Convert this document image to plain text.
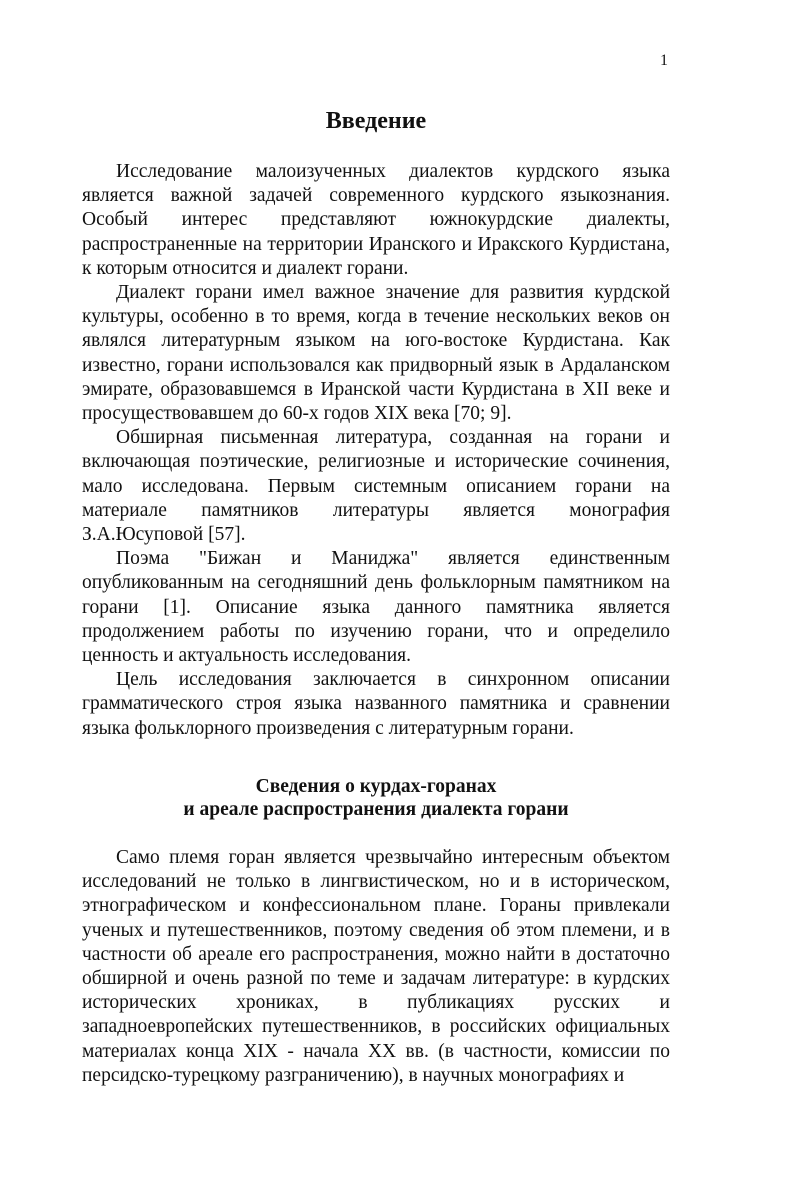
1
Введение

Исследование малоизученных диалектов курдского языка является важной задачей современного курдского языкознания. Особый интерес представляют южнокурдские диалекты, распространенные на территории Иранского и Иракского Курдистана, к которым относится и диалект горани.

Диалект горани имел важное значение для развития курдской культуры, особенно в то время, когда в течение нескольких веков он являлся литературным языком на юго-востоке Курдистана. Как известно, горани использовался как придворный язык в Ардаланском эмирате, образовавшемся в Иранской части Курдистана в XII веке и просуществовавшем до 60-х годов XIX века [70; 9].

Обширная письменная литература, созданная на горани и включающая поэтические, религиозные и исторические сочинения, мало исследована. Первым системным описанием горани на материале памятников литературы является монография З.А.Юсуповой [57].

Поэма "Бижан и Маниджа" является единственным опубликованным на сегодняшний день фольклорным памятником на горани [1]. Описание языка данного памятника является продолжением работы по изучению горани, что и определило ценность и актуальность исследования.

Цель исследования заключается в синхронном описании грамматического строя языка названного памятника и сравнении языка фольклорного произведения с литературным горани.

Сведения о курдах-горанах
и ареале распространения диалекта горани

Само племя горан является чрезвычайно интересным объектом исследований не только в лингвистическом, но и в историческом, этнографическом и конфессиональном плане. Гораны привлекали ученых и путешественников, поэтому сведения об этом племени, и в частности об ареале его распространения, можно найти в достаточно обширной и очень разной по теме и задачам литературе: в курдских исторических хрониках, в публикациях русских и западноевропейских путешественников, в российских официальных материалах конца XIX - начала XX вв. (в частности, комиссии по персидско-турецкому разграничению), в научных монографиях и
